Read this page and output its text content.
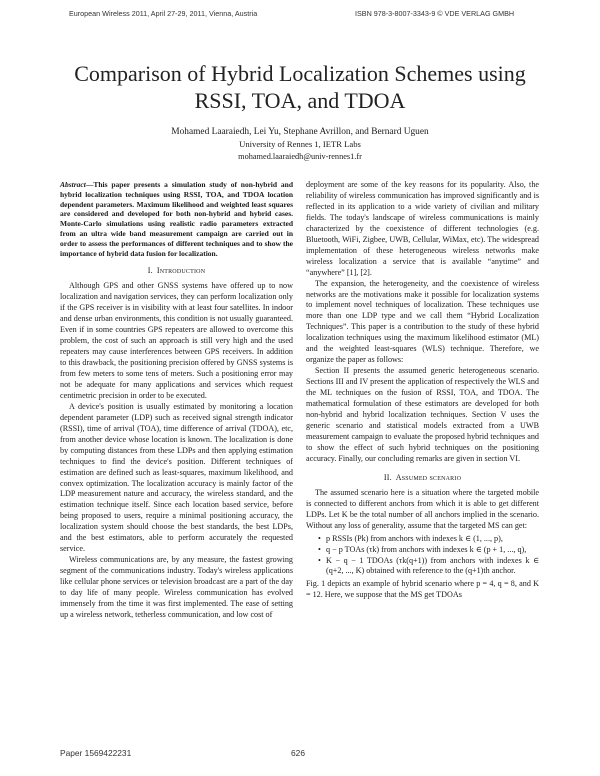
European Wireless 2011, April 27-29, 2011, Vienna, Austria	ISBN 978-3-8007-3343-9 © VDE VERLAG GMBH
Comparison of Hybrid Localization Schemes using
RSSI, TOA, and TDOA
Mohamed Laaraiedh, Lei Yu, Stephane Avrillon, and Bernard Uguen
University of Rennes 1, IETR Labs
mohamed.laaraiedh@univ-rennes1.fr
Abstract—This paper presents a simulation study of non-hybrid and hybrid localization techniques using RSSI, TOA, and TDOA location dependent parameters. Maximum likelihood and weighted least squares are considered and developed for both non-hybrid and hybrid cases. Monte-Carlo simulations using realistic radio parameters extracted from an ultra wide band measurement campaign are carried out in order to assess the performances of different techniques and to show the importance of hybrid data fusion for localization.
I. Introduction

Although GPS and other GNSS systems have offered up to now localization and navigation services, they can perform localization only if the GPS receiver is in visibility with at least four satellites. In indoor and dense urban environments, this condition is not usually guaranteed. Even if in some countries GPS repeaters are allowed to overcome this problem, the cost of such an approach is still very high and the used repeaters may cause interferences between GPS receivers. In addition to this drawback, the positioning precision offered by GNSS systems is from few meters to some tens of meters. Such a positioning error may not be adequate for many applications and services which request centimetric precision in order to be executed.

A device's position is usually estimated by monitoring a location dependent parameter (LDP) such as received signal strength indicator (RSSI), time of arrival (TOA), time difference of arrival (TDOA), etc, from another device whose location is known. The localization is done by computing distances from these LDPs and then applying estimation techniques to find the device's position. Different techniques of estimation are defined such as least-squares, maximum likelihood, and convex optimization. The localization accuracy is mainly factor of the LDP measurement nature and accuracy, the wireless standard, and the estimation technique itself. Since each location based service, before being proposed to users, require a minimal positioning accuracy, the localization system should choose the best standards, the best LDPs, and the best estimators, able to perform accurately the requested service.

Wireless communications are, by any measure, the fastest growing segment of the communications industry. Today's wireless applications like cellular phone services or television broadcast are a part of the day to day life of many people. Wireless communication has evolved immensely from the time it was first implemented. The ease of setting up a wireless network, tetherless communication, and low cost of

deployment are some of the key reasons for its popularity. Also, the reliability of wireless communication has improved significantly and is reflected in its application to a wide variety of civilian and military fields. The today's landscape of wireless communications is mainly characterized by the coexistence of different technologies (e.g. Bluetooth, WiFi, Zigbee, UWB, Cellular, WiMax, etc). The widespread implementation of these heterogeneous wireless networks make wireless localization a service that is available “anytime” and “anywhere” [1], [2].

The expansion, the heterogeneity, and the coexistence of wireless networks are the motivations make it possible for localization systems to implement novel techniques of localization. These techniques use more than one LDP type and we call them “Hybrid Localization Techniques”. This paper is a contribution to the study of these hybrid localization techniques using the maximum likelihood estimator (ML) and the weighted least-squares (WLS) technique. Therefore, we organize the paper as follows:

Section II presents the assumed generic heterogeneous scenario. Sections III and IV present the application of respectively the WLS and the ML techniques on the fusion of RSSI, TOA, and TDOA. The mathematical formulation of these estimators are developed for both non-hybrid and hybrid localization techniques. Section V uses the generic scenario and statistical models extracted from a UWB measurement campaign to evaluate the proposed hybrid techniques and to show the effect of such hybrid techniques on the positioning accuracy. Finally, our concluding remarks are given in section VI.

II. Assumed scenario

The assumed scenario here is a situation where the targeted mobile is connected to different anchors from which it is able to get different LDPs. Let K be the total number of all anchors implied in the scenario. Without any loss of generality, assume that the targeted MS can get:

• p RSSIs (Pk) from anchors with indexes k ∈ (1, ..., p),
• q − p TOAs (τk) from anchors with indexes k ∈ (p + 1, ..., q),
• K − q − 1 TDOAs (τk(q+1)) from anchors with indexes k ∈ (q+2, ..., K) obtained with reference to the (q+1)th anchor.

Fig. 1 depicts an example of hybrid scenario where p = 4, q = 8, and K = 12. Here, we suppose that the MS get TDOAs

Paper 1569422231	626
